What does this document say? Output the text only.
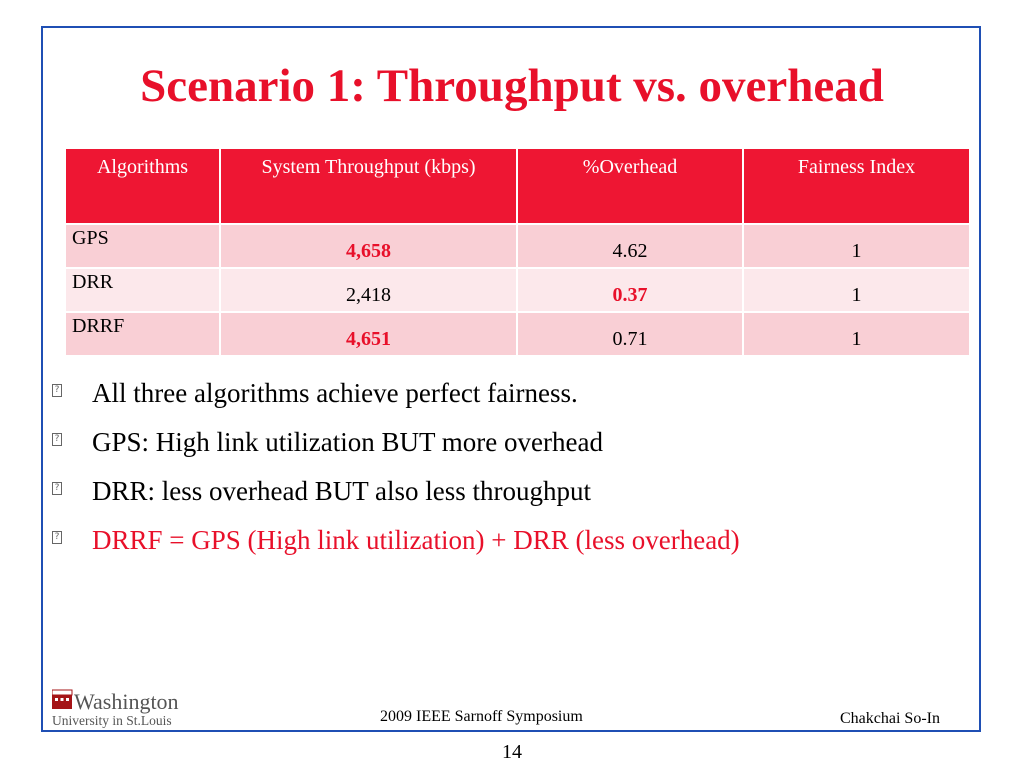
Scenario 1: Throughput vs. overhead
Algorithms	System Throughput (kbps)	%Overhead	Fairness Index
GPS	4,658	4.62	1
DRR	2,418	0.37	1
DRRF	4,651	0.71	1
? All three algorithms achieve perfect fairness.
? GPS: High link utilization BUT more overhead
? DRR: less overhead BUT also less throughput
? DRRF = GPS (High link utilization) + DRR (less overhead)
Washington
University in St.Louis	2009 IEEE Sarnoff Symposium	Chakchai So-In
14
